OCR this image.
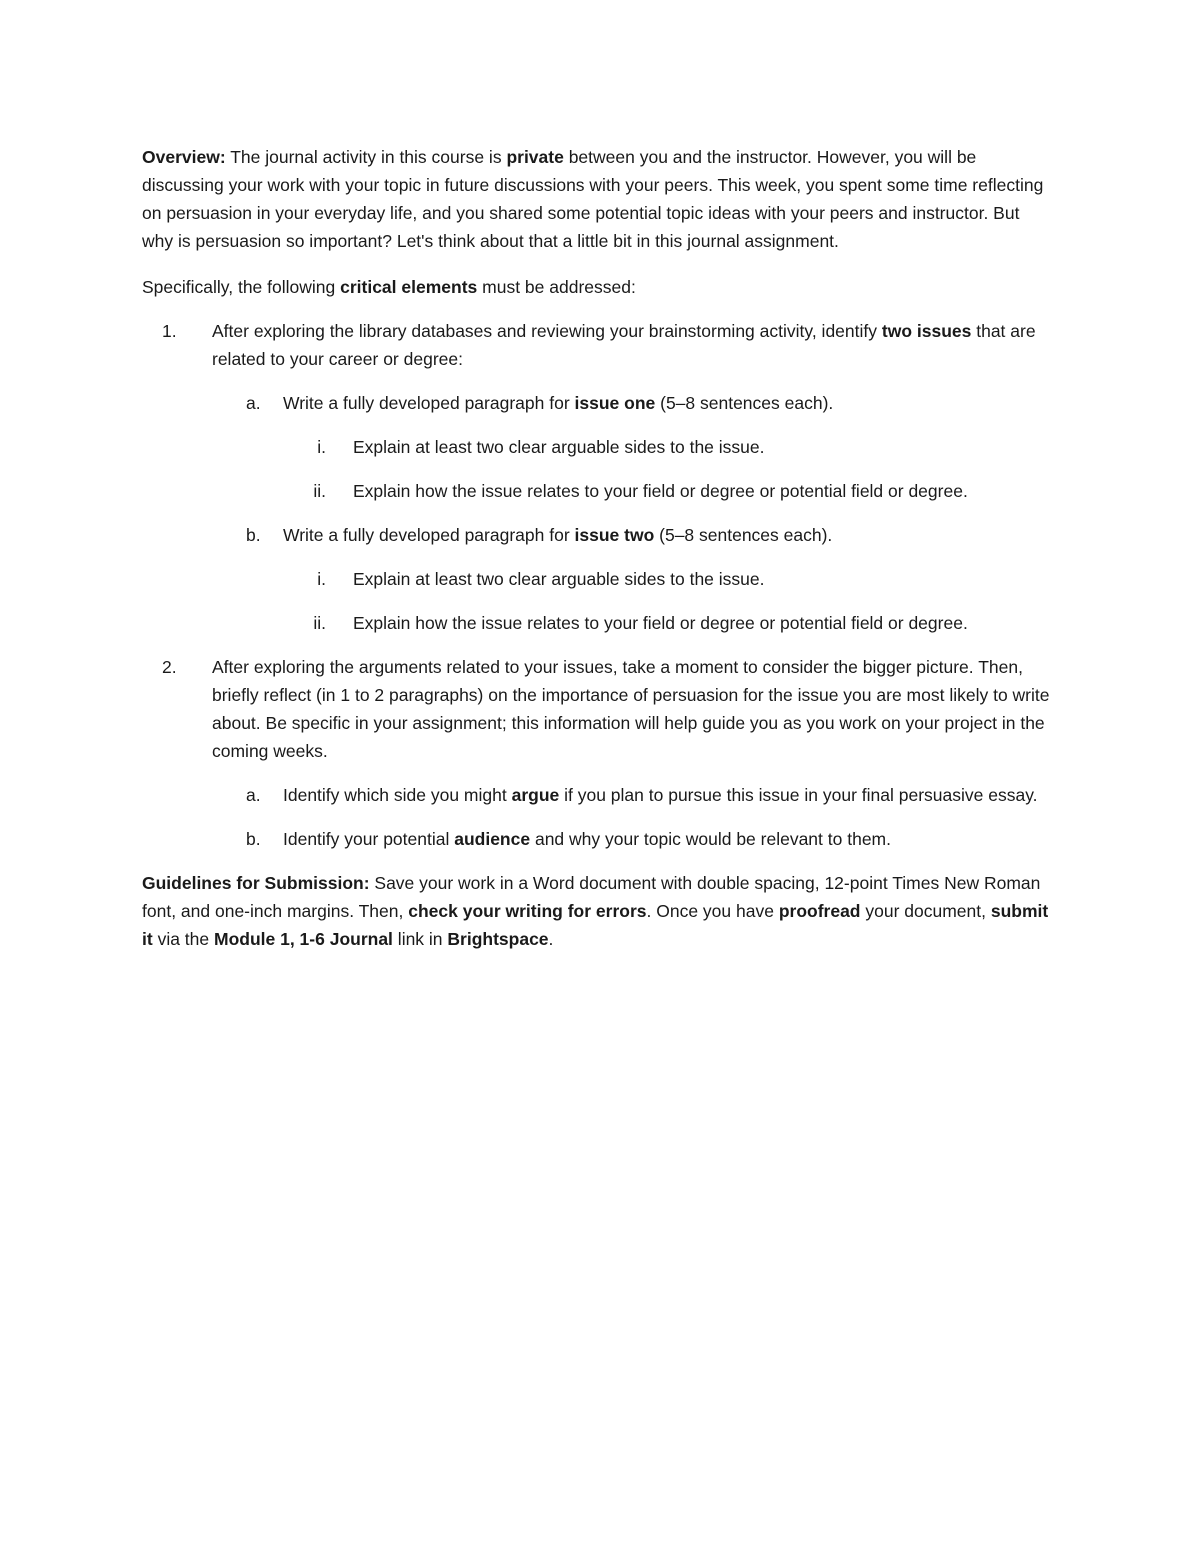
Overview: The journal activity in this course is private between you and the instructor. However, you will be discussing your work with your topic in future discussions with your peers. This week, you spent some time reflecting on persuasion in your everyday life, and you shared some potential topic ideas with your peers and instructor. But why is persuasion so important? Let's think about that a little bit in this journal assignment.

Specifically, the following critical elements must be addressed:

1. After exploring the library databases and reviewing your brainstorming activity, identify two issues that are related to your career or degree:
a. Write a fully developed paragraph for issue one (5–8 sentences each).
i. Explain at least two clear arguable sides to the issue.
ii. Explain how the issue relates to your field or degree or potential field or degree.
b. Write a fully developed paragraph for issue two (5–8 sentences each).
i. Explain at least two clear arguable sides to the issue.
ii. Explain how the issue relates to your field or degree or potential field or degree.
2. After exploring the arguments related to your issues, take a moment to consider the bigger picture. Then, briefly reflect (in 1 to 2 paragraphs) on the importance of persuasion for the issue you are most likely to write about. Be specific in your assignment; this information will help guide you as you work on your project in the coming weeks.
a. Identify which side you might argue if you plan to pursue this issue in your final persuasive essay.
b. Identify your potential audience and why your topic would be relevant to them.

Guidelines for Submission: Save your work in a Word document with double spacing, 12-point Times New Roman font, and one-inch margins. Then, check your writing for errors. Once you have proofread your document, submit it via the Module 1, 1-6 Journal link in Brightspace.
